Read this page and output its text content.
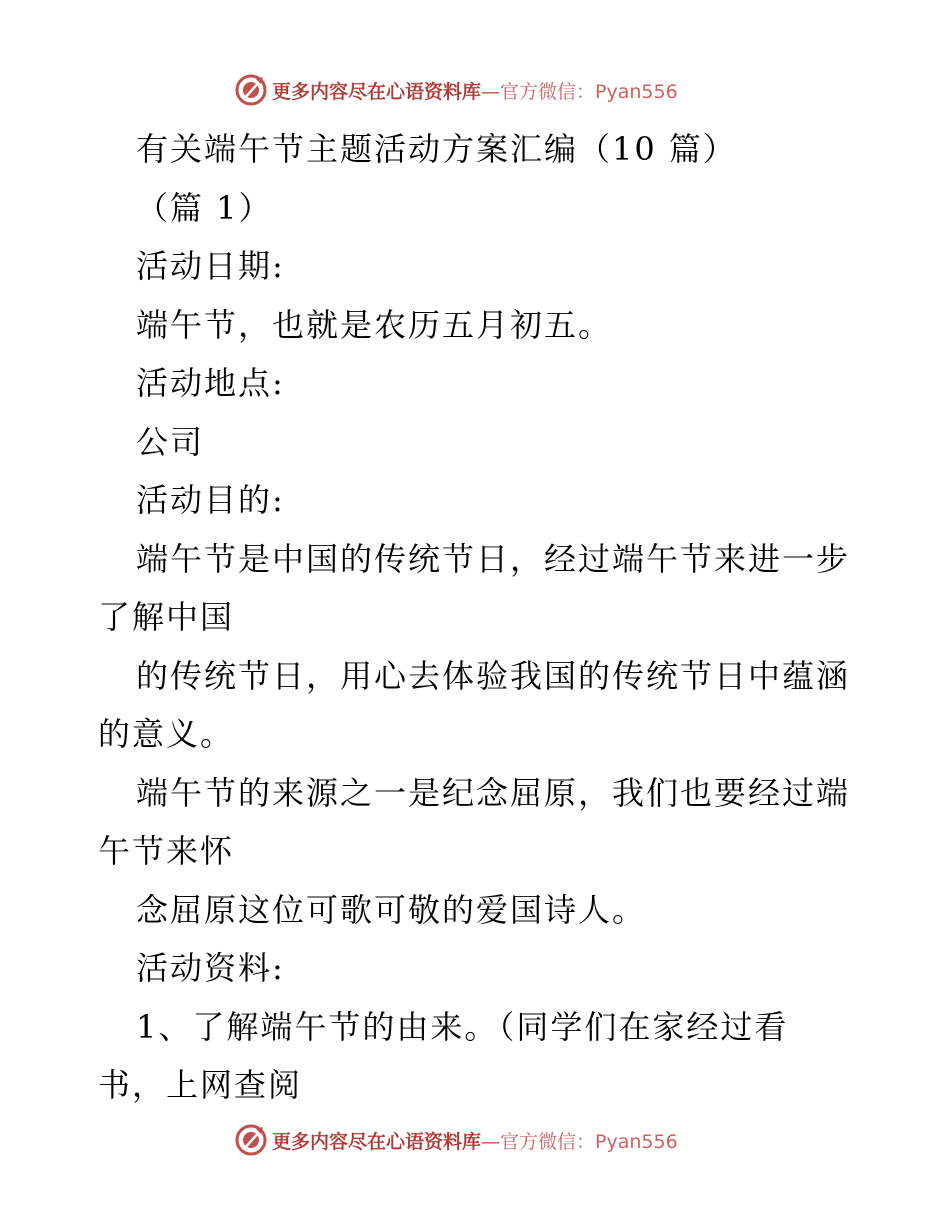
更多内容尽在心语资料库— 官方微信：Pyan556
有关端午节主题活动方案汇编（10 篇）
（篇 1）
活动日期:
端午节，也就是农历五月初五。
活动地点:
公司
活动目的:
端午节是中国的传统节日，经过端午节来进一步
了解中国
的传统节日，用心去体验我国的传统节日中蕴涵
的意义。
端午节的来源之一是纪念屈原，我们也要经过端
午节来怀
念屈原这位可歌可敬的爱国诗人。
活动资料:
1、了解端午节的由来。（同学们在家经过看
书，上网查阅
更多内容尽在心语资料库— 官方微信：Pyan556
